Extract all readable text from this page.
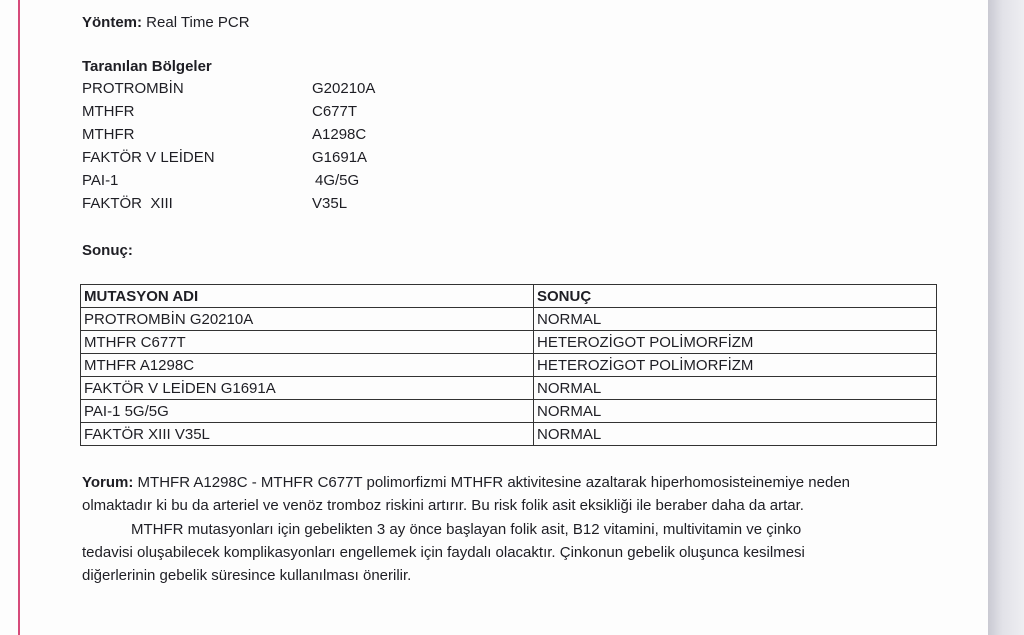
Yöntem: Real Time PCR
Taranılan Bölgeler
PROTROMBİN	G20210A
MTHFR	C677T
MTHFR	A1298C
FAKTÖR V LEİDEN	G1691A
PAI-1	4G/5G
FAKTÖR  XIII	V35L
Sonuç:
MUTASYON ADI	SONUÇ
PROTROMBİN G20210A	NORMAL
MTHFR C677T	HETEROZİGOT POLİMORFİZM
MTHFR A1298C	HETEROZİGOT POLİMORFİZM
FAKTÖR V LEİDEN G1691A	NORMAL
PAI-1 5G/5G	NORMAL
FAKTÖR XIII V35L	NORMAL
Yorum: MTHFR A1298C - MTHFR C677T polimorfizmi MTHFR aktivitesine azaltarak hiperhomosisteinemiye neden
olmaktadır ki bu da arteriel ve venöz tromboz riskini artırır. Bu risk folik asit eksikliği ile beraber daha da artar.
MTHFR mutasyonları için gebelikten 3 ay önce başlayan folik asit, B12 vitamini, multivitamin ve çinko
tedavisi oluşabilecek komplikasyonları engellemek için faydalı olacaktır. Çinkonun gebelik oluşunca kesilmesi
diğerlerinin gebelik süresince kullanılması önerilir.
